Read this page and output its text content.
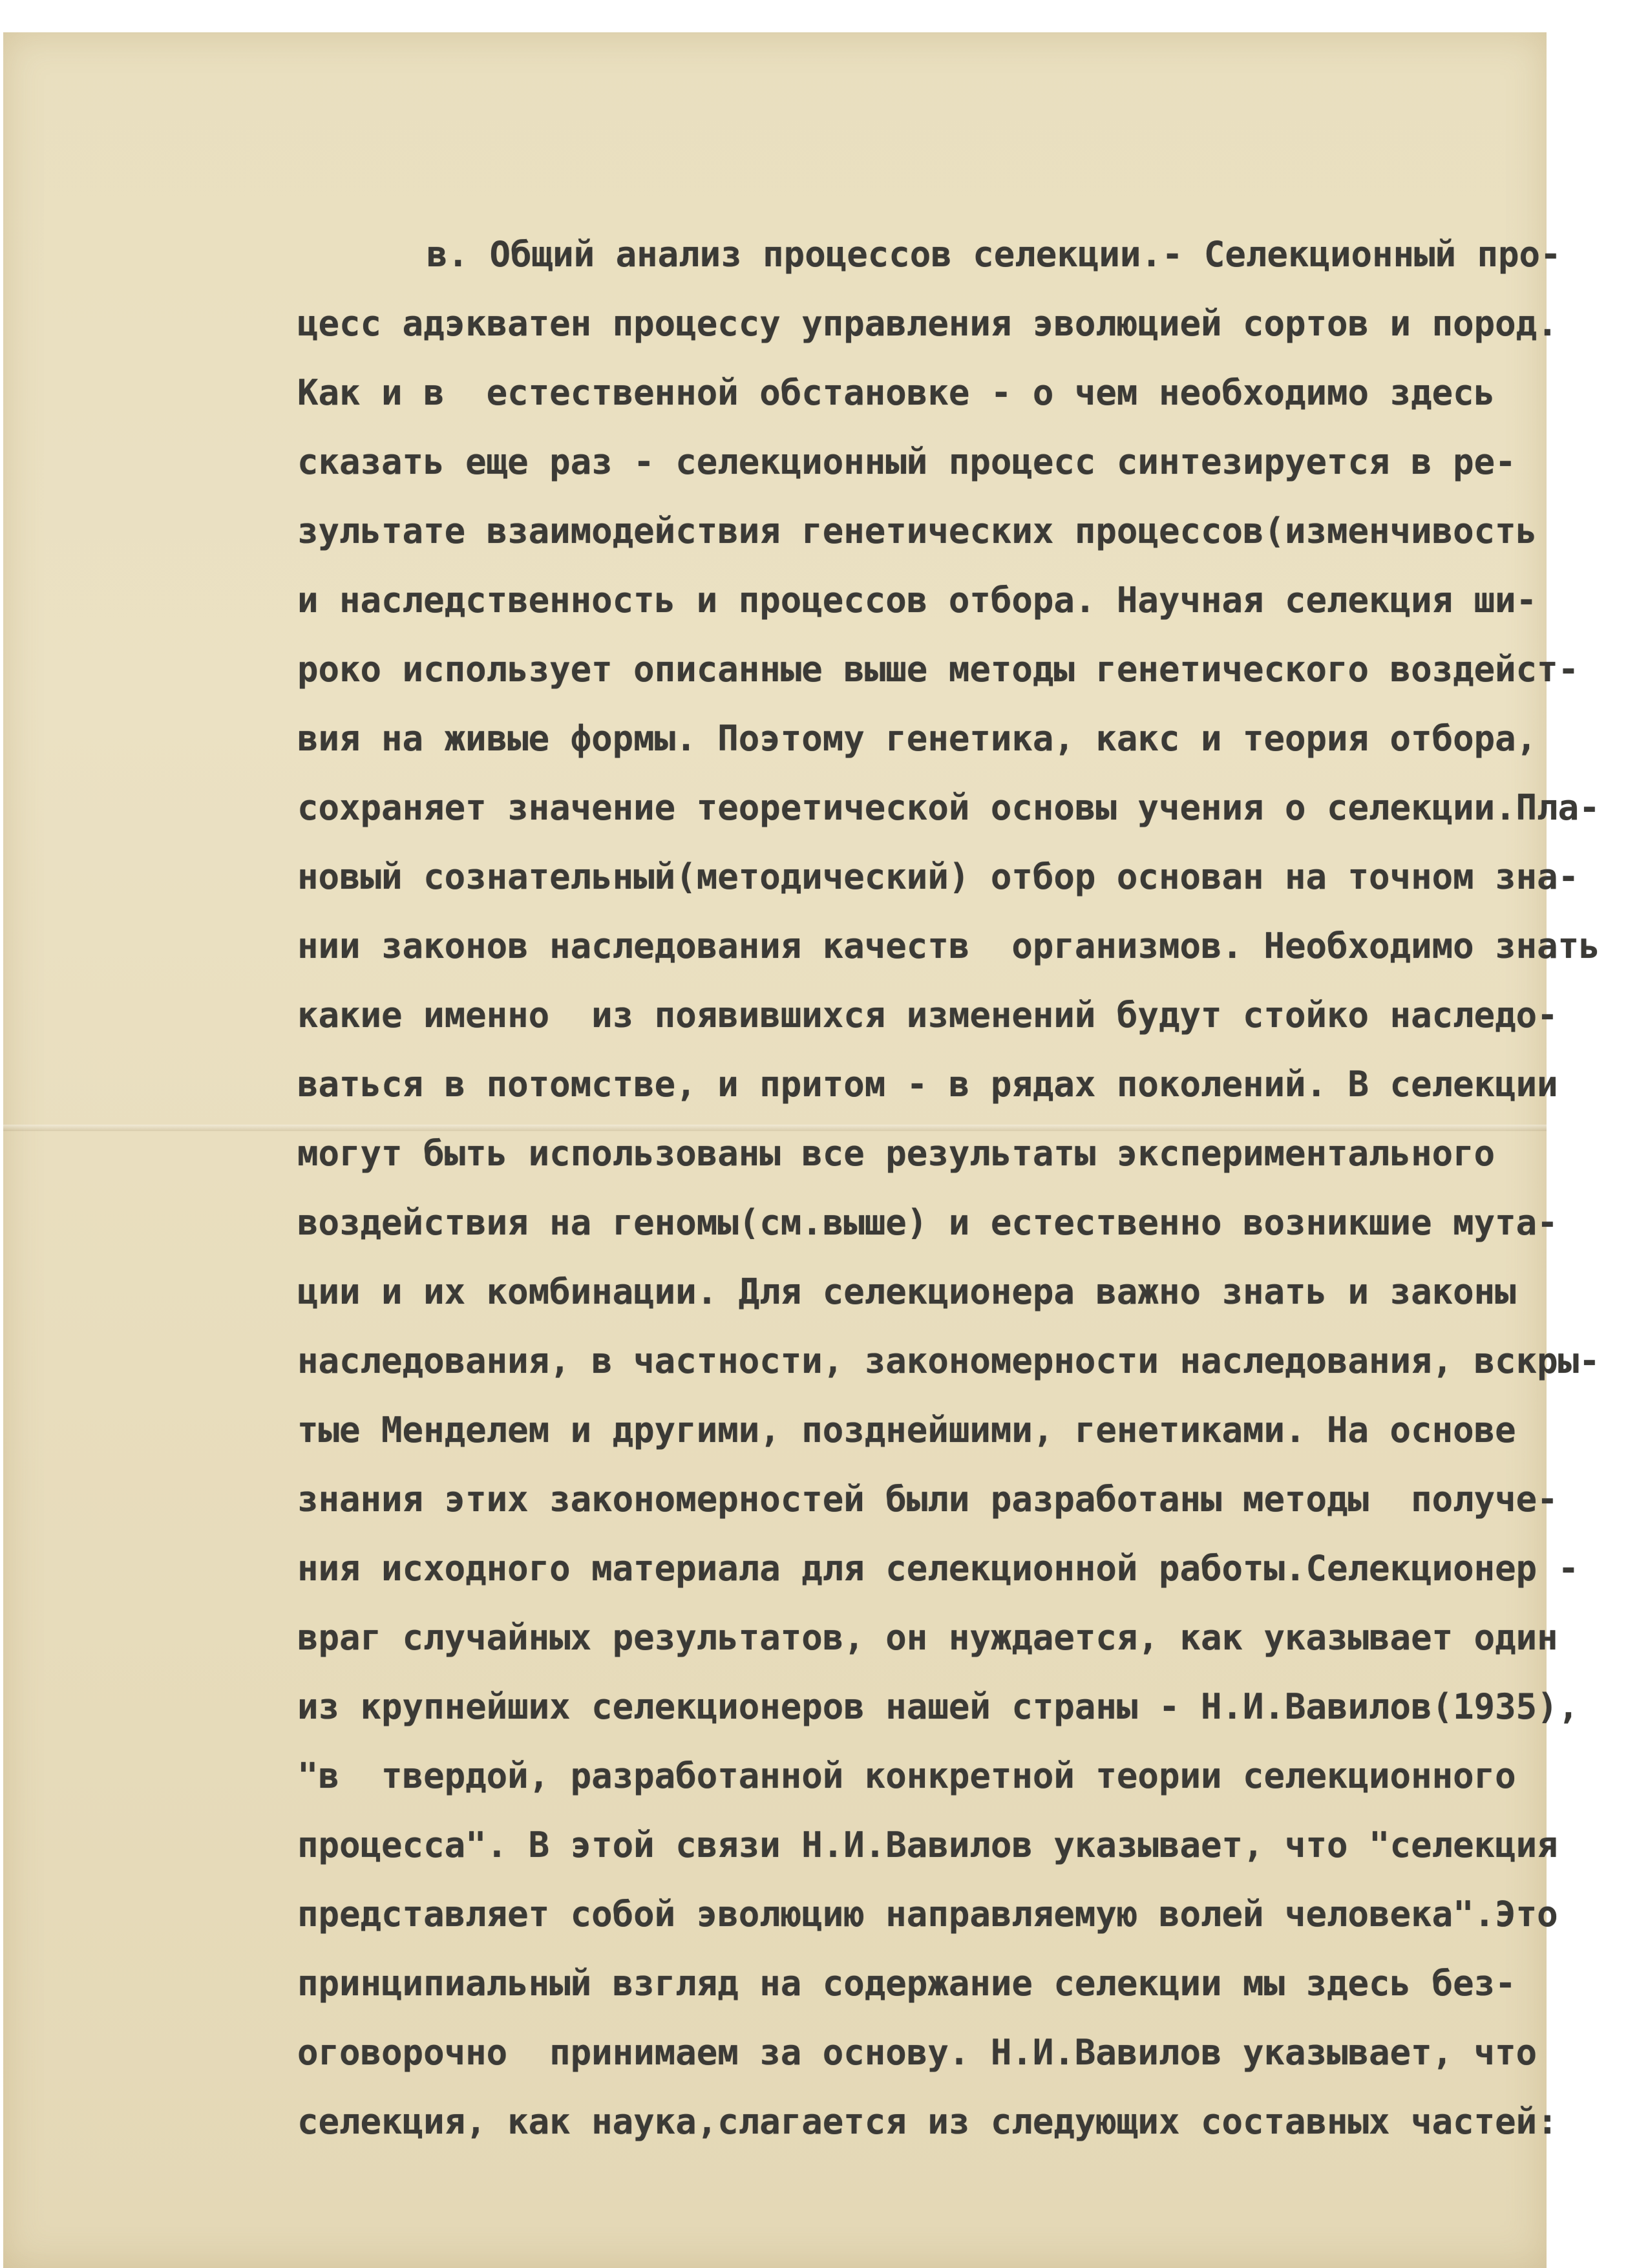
в. Общий анализ процессов селекции.- Селекционный про-
цесс адэкватен процессу управления эволюцией сортов и пород.
Как и в  естественной обстановке - о чем необходимо здесь
сказать еще раз - селекционный процесс синтезируется в ре-
зультате взаимодействия генетических процессов(изменчивость
и наследственность и процессов отбора. Научная селекция ши-
роко использует описанные выше методы генетического воздейст-
вия на живые формы. Поэтому генетика, какс и теория отбора,
сохраняет значение теоретической основы учения о селекции.Пла-
новый сознательный(методический) отбор основан на точном зна-
нии законов наследования качеств  организмов. Необходимо знать
какие именно  из появившихся изменений будут стойко наследо-
ваться в потомстве, и притом - в рядах поколений. В селекции
могут быть использованы все результаты экспериментального
воздействия на геномы(см.выше) и естественно возникшие мута-
ции и их комбинации. Для селекционера важно знать и законы
наследования, в частности, закономерности наследования, вскры-
тые Менделем и другими, позднейшими, генетиками. На основе
знания этих закономерностей были разработаны методы  получе-
ния исходного материала для селекционной работы.Селекционер -
враг случайных результатов, он нуждается, как указывает один
из крупнейших селекционеров нашей страны - Н.И.Вавилов(1935),
"в  твердой, разработанной конкретной теории селекционного
процесса". В этой связи Н.И.Вавилов указывает, что "селекция
представляет собой эволюцию направляемую волей человека".Это
принципиальный взгляд на содержание селекции мы здесь без-
оговорочно  принимаем за основу. Н.И.Вавилов указывает, что
селекция, как наука,слагается из следующих составных частей:
